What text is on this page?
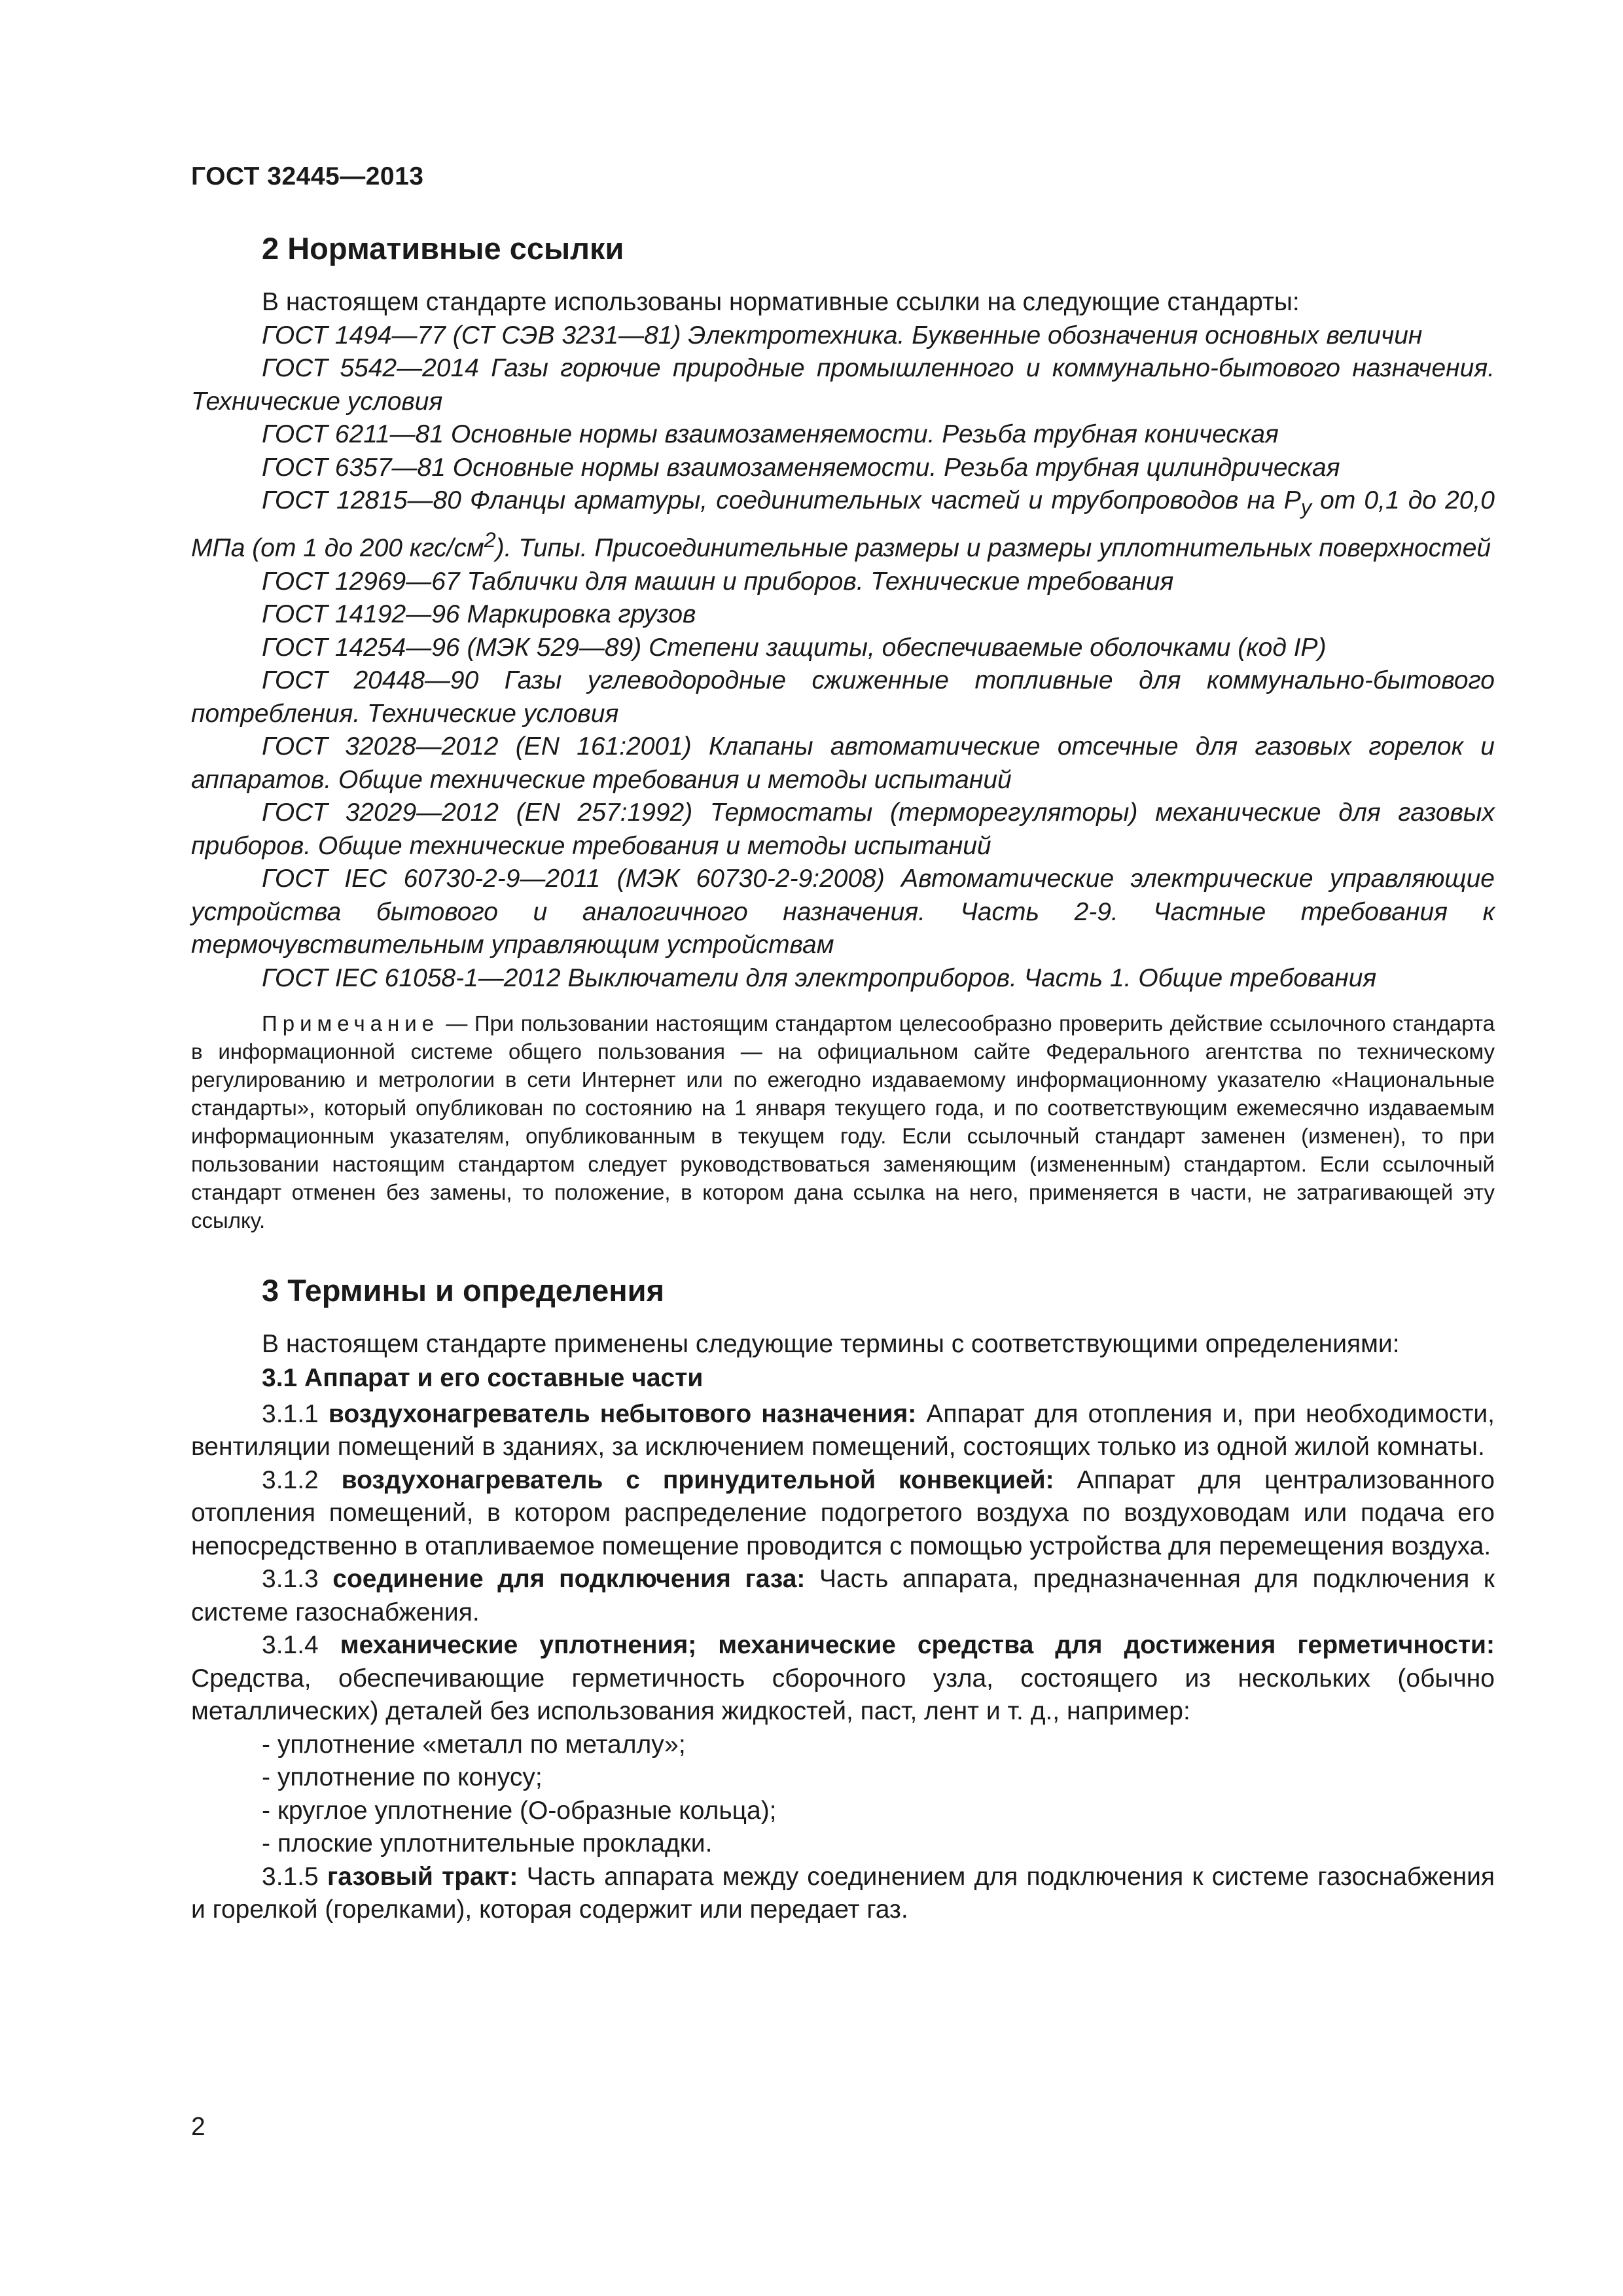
ГОСТ 32445—2013
2 Нормативные ссылки

В настоящем стандарте использованы нормативные ссылки на следующие стандарты:

ГОСТ 1494—77 (СТ СЭВ 3231—81) Электротехника. Буквенные обозначения основных величин

ГОСТ 5542—2014 Газы горючие природные промышленного и коммунально-бытового назначения. Технические условия

ГОСТ 6211—81 Основные нормы взаимозаменяемости. Резьба трубная коническая

ГОСТ 6357—81 Основные нормы взаимозаменяемости. Резьба трубная цилиндрическая

ГОСТ 12815—80 Фланцы арматуры, соединительных частей и трубопроводов на $P_y$ от 0,1 до 20,0 МПа (от 1 до 200 кгс/$см^2$). Типы. Присоединительные размеры и размеры уплотнительных поверхностей

ГОСТ 12969—67 Таблички для машин и приборов. Технические требования

ГОСТ 14192—96 Маркировка грузов

ГОСТ 14254—96 (МЭК 529—89) Степени защиты, обеспечиваемые оболочками (код IP)

ГОСТ 20448—90 Газы углеводородные сжиженные топливные для коммунально-бытового потребления. Технические условия

ГОСТ 32028—2012 (EN 161:2001) Клапаны автоматические отсечные для газовых горелок и аппаратов. Общие технические требования и методы испытаний

ГОСТ 32029—2012 (EN 257:1992) Термостаты (терморегуляторы) механические для газовых приборов. Общие технические требования и методы испытаний

ГОСТ IEC 60730-2-9—2011 (МЭК 60730-2-9:2008) Автоматические электрические управляющие устройства бытового и аналогичного назначения. Часть 2-9. Частные требования к термочувствительным управляющим устройствам

ГОСТ IEC 61058-1—2012 Выключатели для электроприборов. Часть 1. Общие требования

Примечание — При пользовании настоящим стандартом целесообразно проверить действие ссылочного стандарта в информационной системе общего пользования — на официальном сайте Федерального агентства по техническому регулированию и метрологии в сети Интернет или по ежегодно издаваемому информационному указателю «Национальные стандарты», который опубликован по состоянию на 1 января текущего года, и по соответствующим ежемесячно издаваемым информационным указателям, опубликованным в текущем году. Если ссылочный стандарт заменен (изменен), то при пользовании настоящим стандартом следует руководствоваться заменяющим (измененным) стандартом. Если ссылочный стандарт отменен без замены, то положение, в котором дана ссылка на него, применяется в части, не затрагивающей эту ссылку.

3 Термины и определения

В настоящем стандарте применены следующие термины с соответствующими определениями:

3.1 Аппарат и его составные части

3.1.1 воздухонагреватель небытового назначения: Аппарат для отопления и, при необходимости, вентиляции помещений в зданиях, за исключением помещений, состоящих только из одной жилой комнаты.

3.1.2 воздухонагреватель с принудительной конвекцией: Аппарат для централизованного отопления помещений, в котором распределение подогретого воздуха по воздуховодам или подача его непосредственно в отапливаемое помещение проводится с помощью устройства для перемещения воздуха.

3.1.3 соединение для подключения газа: Часть аппарата, предназначенная для подключения к системе газоснабжения.

3.1.4 механические уплотнения; механические средства для достижения герметичности: Средства, обеспечивающие герметичность сборочного узла, состоящего из нескольких (обычно металлических) деталей без использования жидкостей, паст, лент и т. д., например:

- уплотнение «металл по металлу»;
- уплотнение по конусу;
- круглое уплотнение (О-образные кольца);
- плоские уплотнительные прокладки.

3.1.5 газовый тракт: Часть аппарата между соединением для подключения к системе газоснабжения и горелкой (горелками), которая содержит или передает газ.

2
